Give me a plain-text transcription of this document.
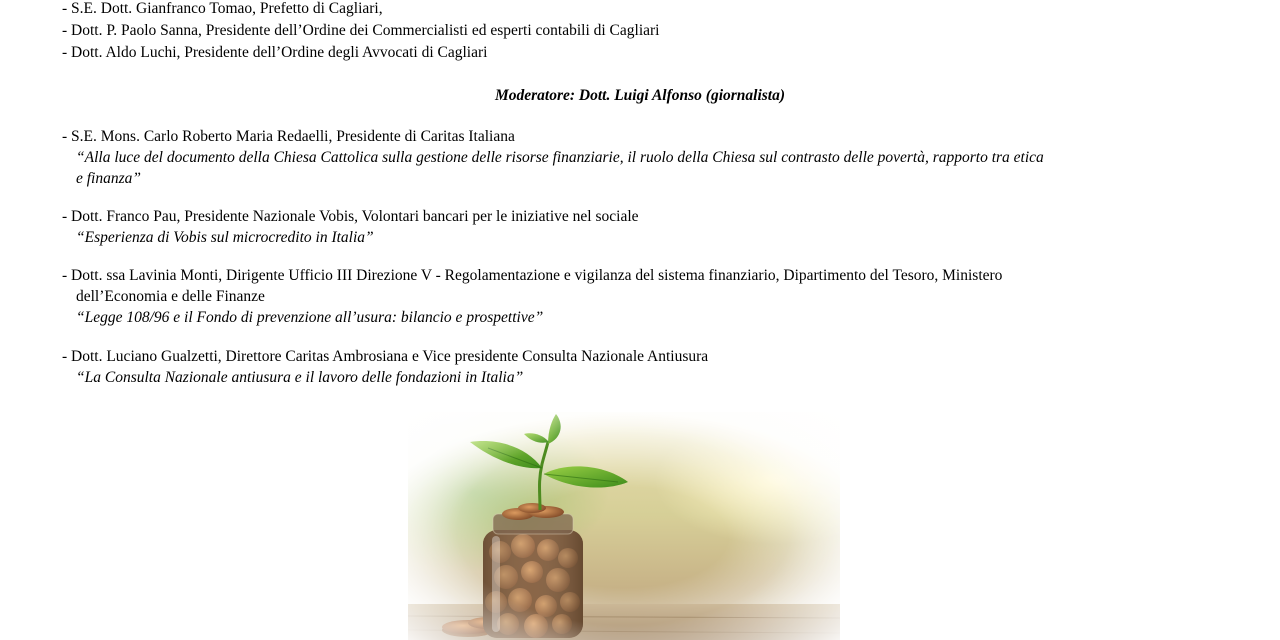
- S.E. Dott. Gianfranco Tomao, Prefetto di Cagliari,
- Dott. P. Paolo Sanna, Presidente dell’Ordine dei Commercialisti ed esperti contabili di Cagliari
- Dott. Aldo Luchi, Presidente dell’Ordine degli Avvocati di Cagliari
Moderatore: Dott. Luigi Alfonso (giornalista)
- S.E. Mons. Carlo Roberto Maria Redaelli, Presidente di Caritas Italiana
“Alla luce del documento della Chiesa Cattolica sulla gestione delle risorse finanziarie, il ruolo della Chiesa sul contrasto delle povertà, rapporto tra etica
e finanza”
- Dott. Franco Pau, Presidente Nazionale Vobis, Volontari bancari per le iniziative nel sociale
“Esperienza di Vobis sul microcredito in Italia”
- Dott. ssa Lavinia Monti, Dirigente Ufficio III Direzione V - Regolamentazione e vigilanza del sistema finanziario, Dipartimento del Tesoro, Ministero
dell’Economia e delle Finanze
“Legge 108/96 e il Fondo di prevenzione all’usura: bilancio e prospettive”
- Dott. Luciano Gualzetti, Direttore Caritas Ambrosiana e Vice presidente Consulta Nazionale Antiusura
“La Consulta Nazionale antiusura e il lavoro delle fondazioni in Italia”
